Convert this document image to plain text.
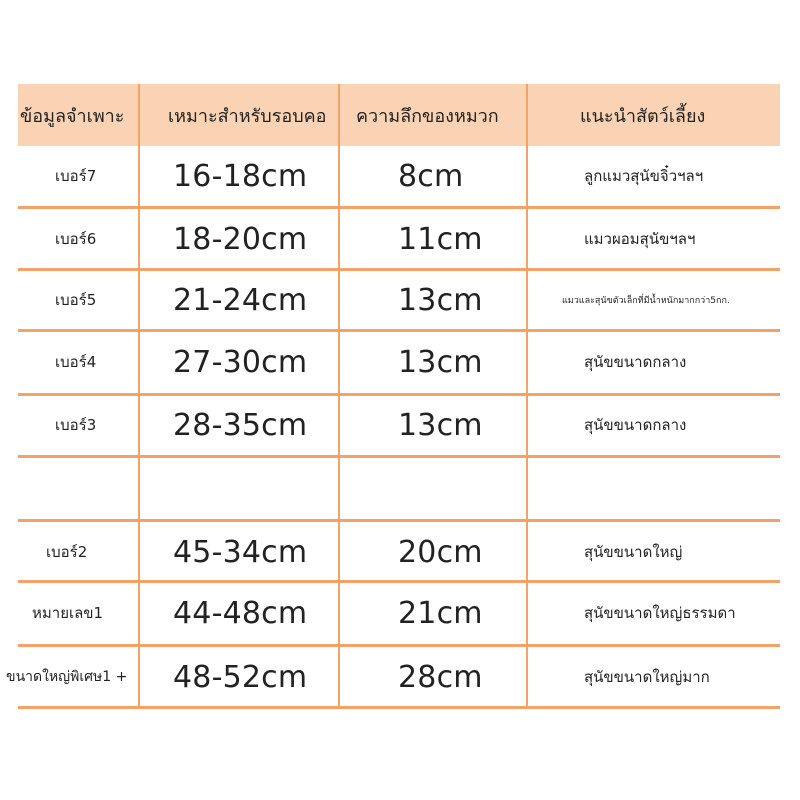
ข้อมูลจำเพาะ	เหมาะสำหรับรอบคอ	ความลึกของหมวก	แนะนำสัตว์เลี้ยง
เบอร์7	16-18cm	8cm	ลูกแมวสุนัขจิ๋วฯลฯ
เบอร์6	18-20cm	11cm	แมวผอมสุนัขฯลฯ
เบอร์5	21-24cm	13cm	แมวและสุนัขตัวเล็กที่มีน้ำหนักมากกว่า5กก.
เบอร์4	27-30cm	13cm	สุนัขขนาดกลาง
เบอร์3	28-35cm	13cm	สุนัขขนาดกลาง
เบอร์2	45-34cm	20cm	สุนัขขนาดใหญ่
หมายเลข1 44-48cm	21cm	สุนัขขนาดใหญ่ธรรมดา
ขนาดใหญ่พิเศษ1 + 48-52cm	28cm	สุนัขขนาดใหญ่มาก
